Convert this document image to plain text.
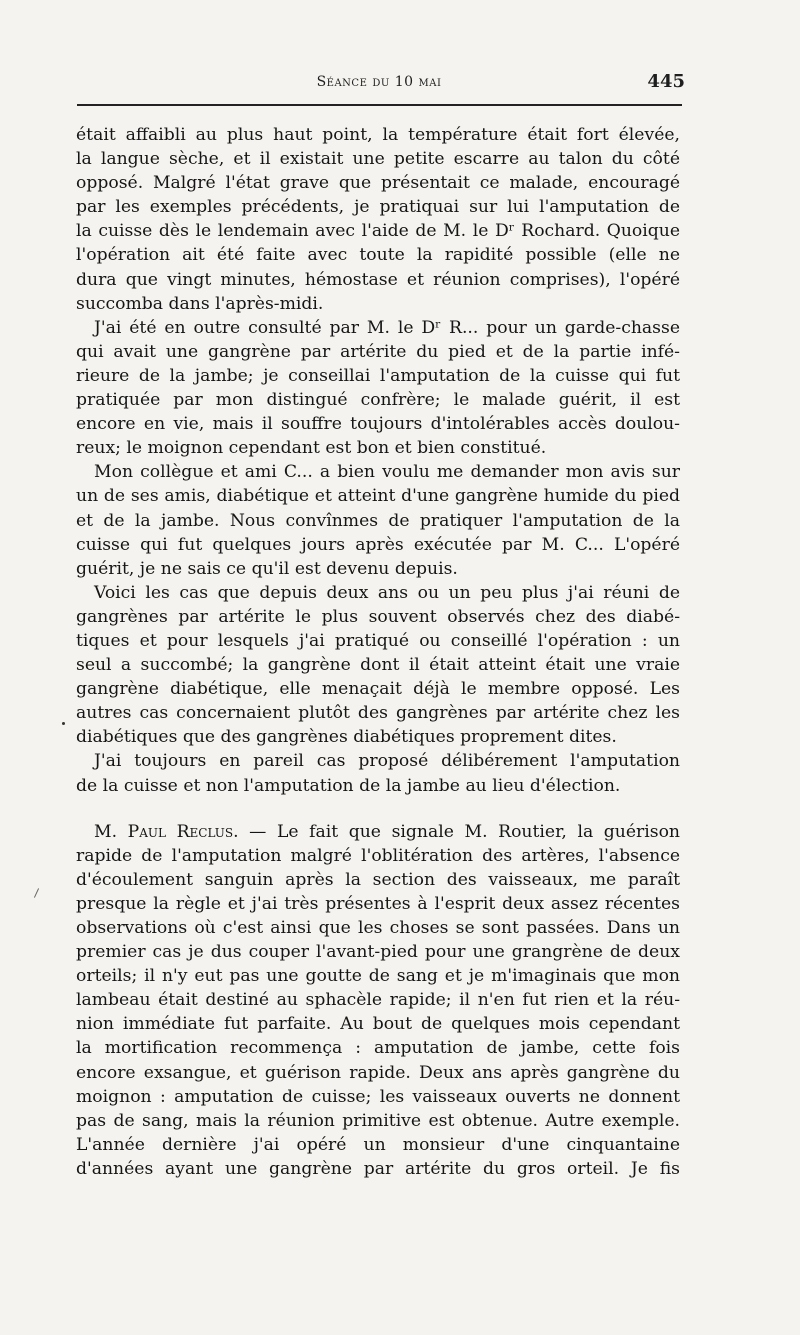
Séance du 10 mai	445
était affaibli au plus haut point, la température était fort élevée,
la langue sèche, et il existait une petite escarre au talon du côté
opposé. Malgré l'état grave que présentait ce malade, encouragé
par les exemples précédents, je pratiquai sur lui l'amputation de
la cuisse dès le lendemain avec l'aide de M. le Dʳ Rochard. Quoique
l'opération ait été faite avec toute la rapidité possible (elle ne
dura que vingt minutes, hémostase et réunion comprises), l'opéré
succomba dans l'après-midi.
J'ai été en outre consulté par M. le Dʳ R... pour un garde-chasse
qui avait une gangrène par artérite du pied et de la partie infé-
rieure de la jambe; je conseillai l'amputation de la cuisse qui fut
pratiquée par mon distingué confrère; le malade guérit, il est
encore en vie, mais il souffre toujours d'intolérables accès doulou-
reux; le moignon cependant est bon et bien constitué.
Mon collègue et ami C... a bien voulu me demander mon avis sur
un de ses amis, diabétique et atteint d'une gangrène humide du pied
et de la jambe. Nous convînmes de pratiquer l'amputation de la
cuisse qui fut quelques jours après exécutée par M. C... L'opéré
guérit, je ne sais ce qu'il est devenu depuis.
Voici les cas que depuis deux ans ou un peu plus j'ai réuni de
gangrènes par artérite le plus souvent observés chez des diabé-
tiques et pour lesquels j'ai pratiqué ou conseillé l'opération : un
seul a succombé; la gangrène dont il était atteint était une vraie
gangrène diabétique, elle menaçait déjà le membre opposé. Les
autres cas concernaient plutôt des gangrènes par artérite chez les
diabétiques que des gangrènes diabétiques proprement dites.
J'ai toujours en pareil cas proposé délibérement l'amputation
de la cuisse et non l'amputation de la jambe au lieu d'élection.
M. Paul Reclus. — Le fait que signale M. Routier, la guérison
rapide de l'amputation malgré l'oblitération des artères, l'absence
d'écoulement sanguin après la section des vaisseaux, me paraît
presque la règle et j'ai très présentes à l'esprit deux assez récentes
observations où c'est ainsi que les choses se sont passées. Dans un
premier cas je dus couper l'avant-pied pour une grangrène de deux
orteils; il n'y eut pas une goutte de sang et je m'imaginais que mon
lambeau était destiné au sphacèle rapide; il n'en fut rien et la réu-
nion immédiate fut parfaite. Au bout de quelques mois cependant
la mortification recommença : amputation de jambe, cette fois
encore exsangue, et guérison rapide. Deux ans après gangrène du
moignon : amputation de cuisse; les vaisseaux ouverts ne donnent
pas de sang, mais la réunion primitive est obtenue. Autre exemple.
L'année dernière j'ai opéré un monsieur d'une cinquantaine
d'années ayant une gangrène par artérite du gros orteil. Je fis
